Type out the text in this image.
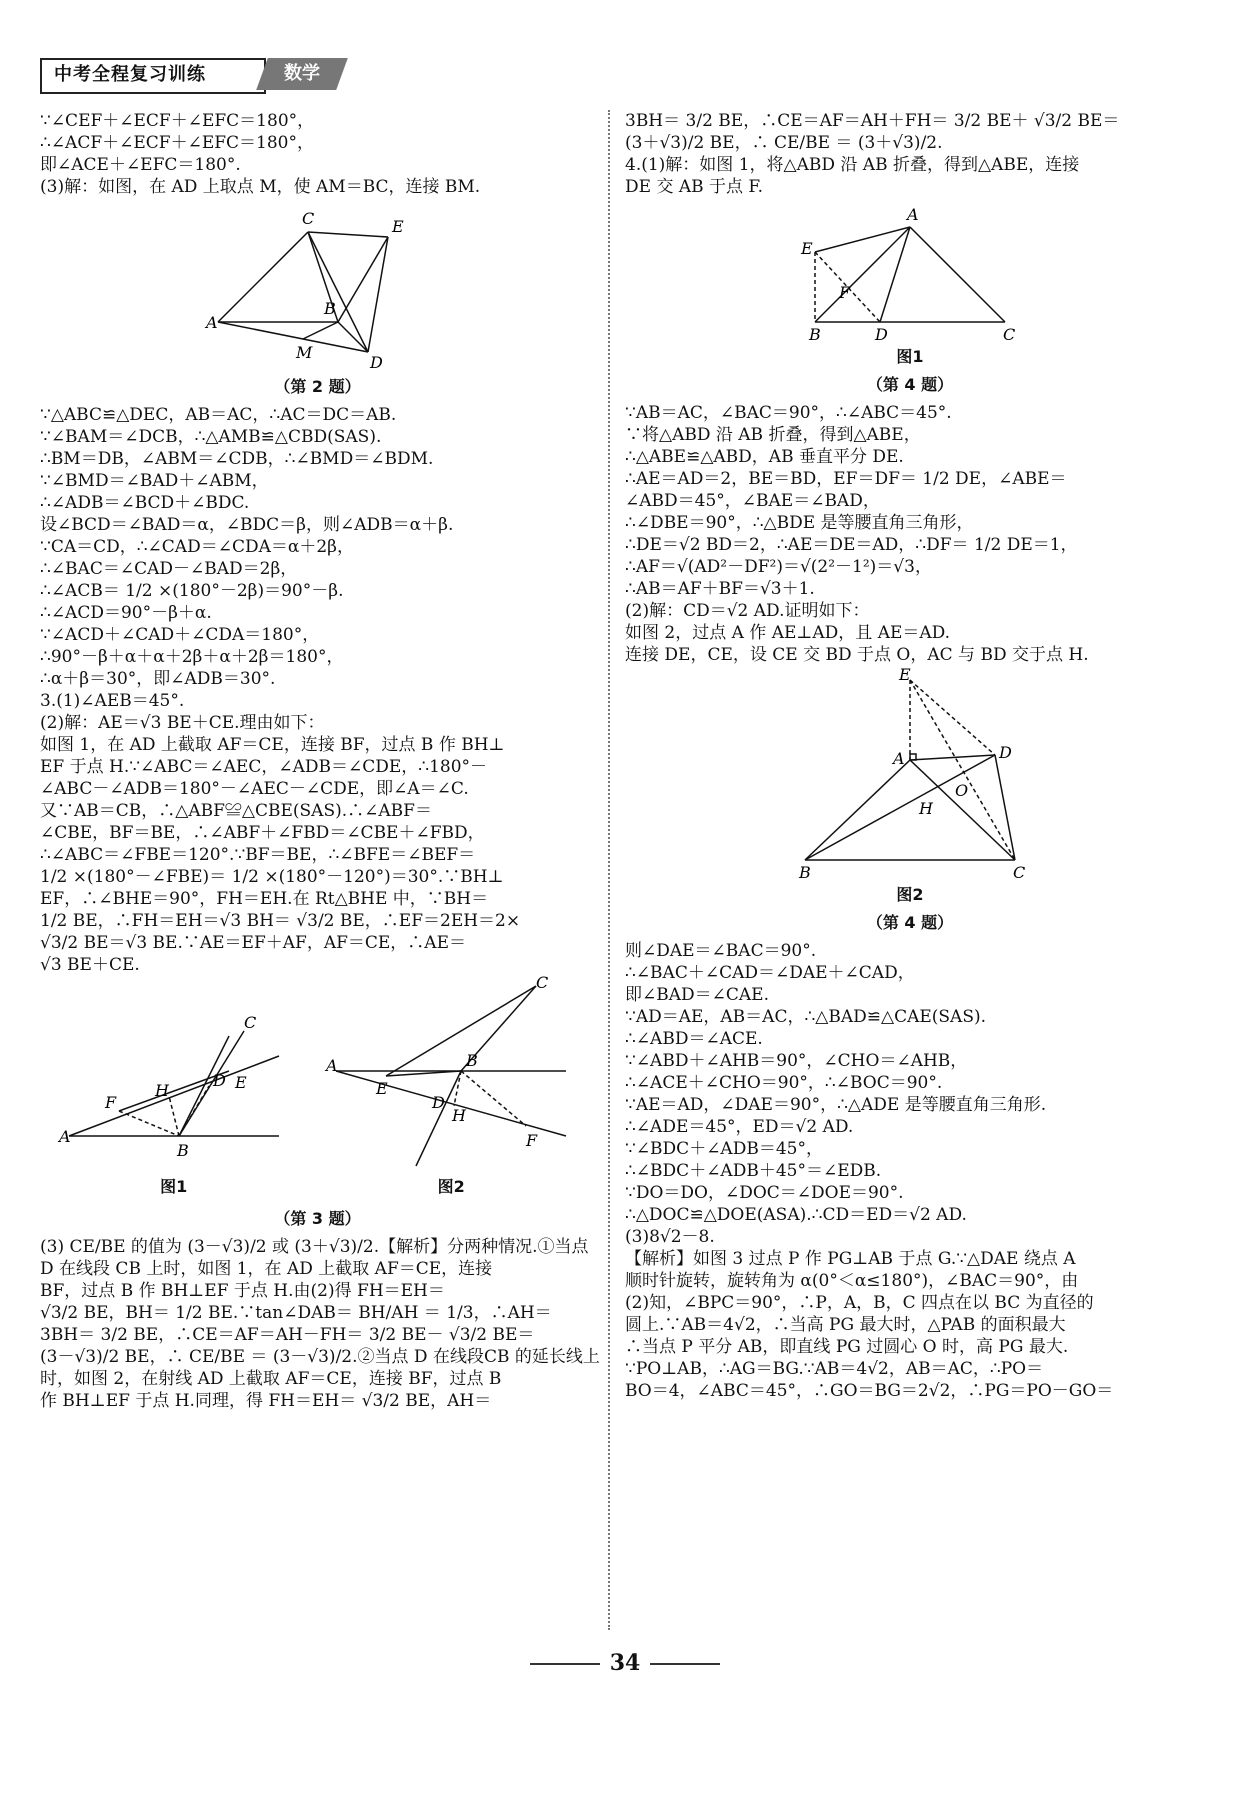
中考全程复习训练	数学

∵∠CEF＋∠ECF＋∠EFC＝180°，

∴∠ACF＋∠ECF＋∠EFC＝180°，

即∠ACE＋∠EFC＝180°.

(3)解：如图，在 AD 上取点 M，使 AM＝BC，连接 BM.

C	E
A
B
M
D
（第 2 题）

∵△ABC≌△DEC，AB＝AC，∴AC＝DC＝AB.

∵∠BAM＝∠DCB，∴△AMB≌△CBD(SAS).

∴BM＝DB，∠ABM＝∠CDB，∴∠BMD＝∠BDM.

∵∠BMD＝∠BAD＋∠ABM，

∴∠ADB＝∠BCD＋∠BDC.

设∠BCD＝∠BAD＝α，∠BDC＝β，则∠ADB＝α＋β.

∵CA＝CD，∴∠CAD＝∠CDA＝α＋2β，

∴∠BAC＝∠CAD－∠BAD＝2β，

∴∠ACB＝ 1/2 ×(180°－2β)＝90°－β.

∴∠ACD＝90°－β＋α.

∵∠ACD＋∠CAD＋∠CDA＝180°，

∴90°－β＋α＋α＋2β＋α＋2β＝180°，

∴α＋β＝30°，即∠ADB＝30°.

3.(1)∠AEB＝45°.

(2)解：AE＝√3 BE＋CE.理由如下：

如图 1，在 AD 上截取 AF＝CE，连接 BF，过点 B 作 BH⊥

EF 于点 H.∵∠ABC＝∠AEC，∠ADB＝∠CDE，∴180°－

∠ABC－∠ADB＝180°－∠AEC－∠CDE，即∠A＝∠C.

又∵AB＝CB，∴△ABF≌△CBE(SAS).∴∠ABF＝

∠CBE，BF＝BE，∴∠ABF＋∠FBD＝∠CBE＋∠FBD，

∴∠ABC＝∠FBE＝120°.∵BF＝BE，∴∠BFE＝∠BEF＝

1/2 ×(180°－∠FBE)＝ 1/2 ×(180°－120°)＝30°.∵BH⊥

EF，∴∠BHE＝90°，FH＝EH.在 Rt△BHE 中，∵BH＝

1/2 BE，∴FH＝EH＝√3 BH＝ √3/2 BE，∴EF＝2EH＝2×

√3/2 BE＝√3 BE.∵AE＝EF＋AF，AF＝CE，∴AE＝

√3 BE＋CE.

C
D
H	E
F
A
B
图1
C
B
A
E
D
H
F
图2
（第 3 题）

(3) CE/BE 的值为 (3－√3)/2 或 (3＋√3)/2.【解析】分两种情况.①当点

D 在线段 CB 上时，如图 1，在 AD 上截取 AF＝CE，连接

BF，过点 B 作 BH⊥EF 于点 H.由(2)得 FH＝EH＝

√3/2 BE，BH＝ 1/2 BE.∵tan∠DAB＝ BH/AH ＝ 1/3，∴AH＝

3BH＝ 3/2 BE，∴CE＝AF＝AH－FH＝ 3/2 BE－ √3/2 BE＝

(3－√3)/2 BE，∴ CE/BE ＝ (3－√3)/2.②当点 D 在线段CB 的延长线上

时，如图 2，在射线 AD 上截取 AF＝CE，连接 BF，过点 B

作 BH⊥EF 于点 H.同理，得 FH＝EH＝ √3/2 BE，AH＝

3BH＝ 3/2 BE，∴CE＝AF＝AH＋FH＝ 3/2 BE＋ √3/2 BE＝

(3＋√3)/2 BE，∴ CE/BE ＝ (3＋√3)/2.

4.(1)解：如图 1，将△ABD 沿 AB 折叠，得到△ABE，连接

DE 交 AB 于点 F.

A
E
F
B	D	C
图1
（第 4 题）

∵AB＝AC，∠BAC＝90°，∴∠ABC＝45°.

∵将△ABD 沿 AB 折叠，得到△ABE，

∴△ABE≌△ABD，AB 垂直平分 DE.

∴AE＝AD＝2，BE＝BD，EF＝DF＝ 1/2 DE，∠ABE＝

∠ABD＝45°，∠BAE＝∠BAD，

∴∠DBE＝90°，∴△BDE 是等腰直角三角形，

∴DE＝√2 BD＝2，∴AE＝DE＝AD，∴DF＝ 1/2 DE＝1，

∴AF＝√(AD²－DF²)＝√(2²－1²)＝√3，

∴AB＝AF＋BF＝√3＋1.

(2)解：CD＝√2 AD.证明如下：

如图 2，过点 A 作 AE⊥AD，且 AE＝AD.

连接 DE，CE，设 CE 交 BD 于点 O，AC 与 BD 交于点 H.

E
A	D
O
H
B	C
图2
（第 4 题）

则∠DAE＝∠BAC＝90°.

∴∠BAC＋∠CAD＝∠DAE＋∠CAD，

即∠BAD＝∠CAE.

∵AD＝AE，AB＝AC，∴△BAD≌△CAE(SAS).

∴∠ABD＝∠ACE.

∵∠ABD＋∠AHB＝90°，∠CHO＝∠AHB，

∴∠ACE＋∠CHO＝90°，∴∠BOC＝90°.

∵AE＝AD，∠DAE＝90°，∴△ADE 是等腰直角三角形.

∴∠ADE＝45°，ED＝√2 AD.

∵∠BDC＋∠ADB＝45°，

∴∠BDC＋∠ADB＋45°＝∠EDB.

∵DO＝DO，∠DOC＝∠DOE＝90°.

∴△DOC≌△DOE(ASA).∴CD＝ED＝√2 AD.

(3)8√2－8.

【解析】如图 3 过点 P 作 PG⊥AB 于点 G.∵△DAE 绕点 A

顺时针旋转，旋转角为 α(0°＜α≤180°)，∠BAC＝90°，由

(2)知，∠BPC＝90°，∴P，A，B，C 四点在以 BC 为直径的

圆上.∵AB＝4√2，∴当高 PG 最大时，△PAB 的面积最大

∴当点 P 平分 AB，即直线 PG 过圆心 O 时，高 PG 最大.

∵PO⊥AB，∴AG＝BG.∵AB＝4√2，AB＝AC，∴PO＝

BO＝4，∠ABC＝45°，∴GO＝BG＝2√2，∴PG＝PO－GO＝

34
